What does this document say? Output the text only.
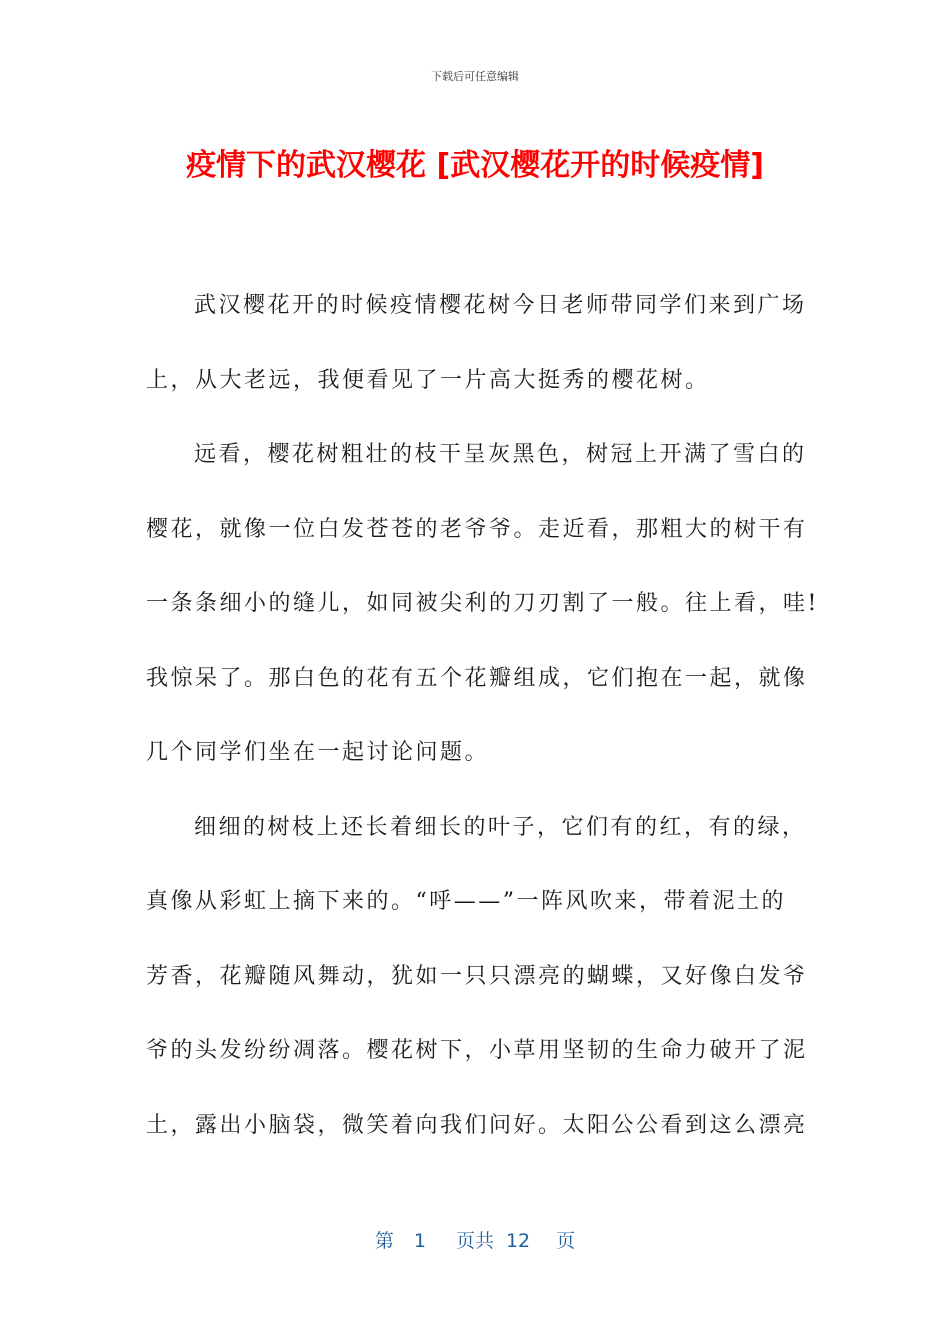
下载后可任意编辑
疫情下的武汉樱花 [武汉樱花开的时候疫情]
武汉樱花开的时候疫情樱花树今日老师带同学们来到广场
上，从大老远，我便看见了一片高大挺秀的樱花树。
远看，樱花树粗壮的枝干呈灰黑色，树冠上开满了雪白的
樱花，就像一位白发苍苍的老爷爷。走近看，那粗大的树干有
一条条细小的缝儿，如同被尖利的刀刃割了一般。往上看，哇!
我惊呆了。那白色的花有五个花瓣组成，它们抱在一起，就像
几个同学们坐在一起讨论问题。
细细的树枝上还长着细长的叶子，它们有的红，有的绿，
真像从彩虹上摘下来的。“呼——”一阵风吹来，带着泥土的
芳香，花瓣随风舞动，犹如一只只漂亮的蝴蝶，又好像白发爷
爷的头发纷纷凋落。樱花树下，小草用坚韧的生命力破开了泥
土，露出小脑袋，微笑着向我们问好。太阳公公看到这么漂亮
第 1 页共 12 页
